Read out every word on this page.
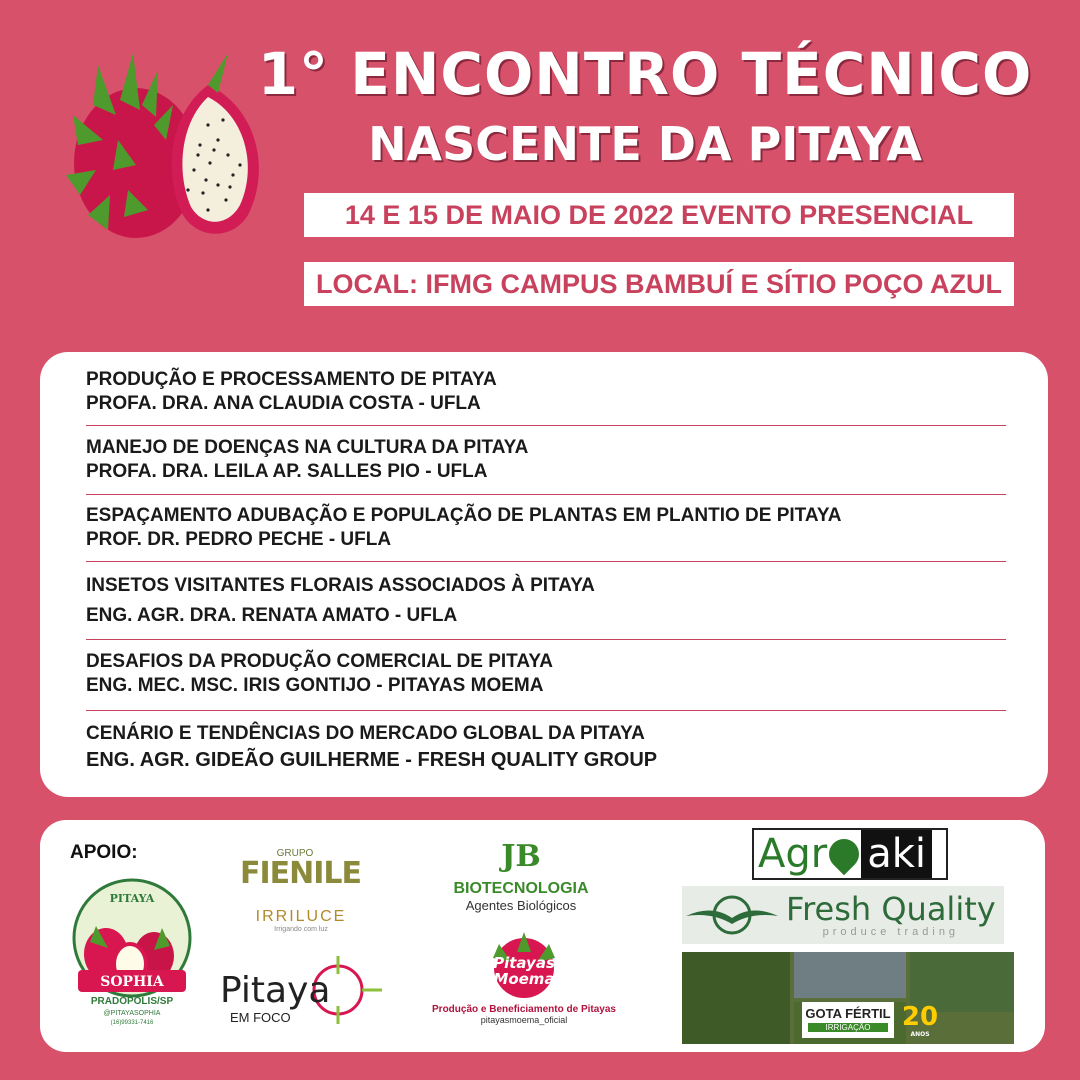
1° ENCONTRO TÉCNICO
NASCENTE DA PITAYA
14 E 15 DE MAIO DE 2022 EVENTO PRESENCIAL
LOCAL: IFMG CAMPUS BAMBUÍ E SÍTIO POÇO AZUL
PRODUÇÃO E PROCESSAMENTO DE PITAYA
PROFA. DRA. ANA CLAUDIA COSTA - UFLA
MANEJO DE DOENÇAS NA CULTURA DA PITAYA
PROFA. DRA. LEILA AP. SALLES PIO - UFLA
ESPAÇAMENTO ADUBAÇÃO E POPULAÇÃO DE PLANTAS EM PLANTIO DE PITAYA
PROF. DR. PEDRO PECHE - UFLA
INSETOS VISITANTES FLORAIS ASSOCIADOS À PITAYA
ENG. AGR. DRA. RENATA AMATO - UFLA
DESAFIOS DA PRODUÇÃO COMERCIAL DE PITAYA
ENG. MEC. MSC. IRIS GONTIJO - PITAYAS MOEMA
CENÁRIO E TENDÊNCIAS DO MERCADO GLOBAL DA PITAYA
ENG. AGR. GIDEÃO GUILHERME - FRESH QUALITY GROUP
APOIO:
SOPHIA
PITAYA
PRADÓPOLIS/SP
@PITAYASOPHIA
(16)99331-7416
GRUPO
FIENILE
IRRILUCE
Irrigando com luz
Pitaya
EM FOCO
JB
BIOTECNOLOGIA
Agentes Biológicos
Pitayas
Moema
Produção e Beneficiamento de Pitayas
pitayasmoema_oficial
Agr aki
Fresh Quality
produce trading
GOTA FÉRTIL
IRRIGAÇÃO	20
ANOS
